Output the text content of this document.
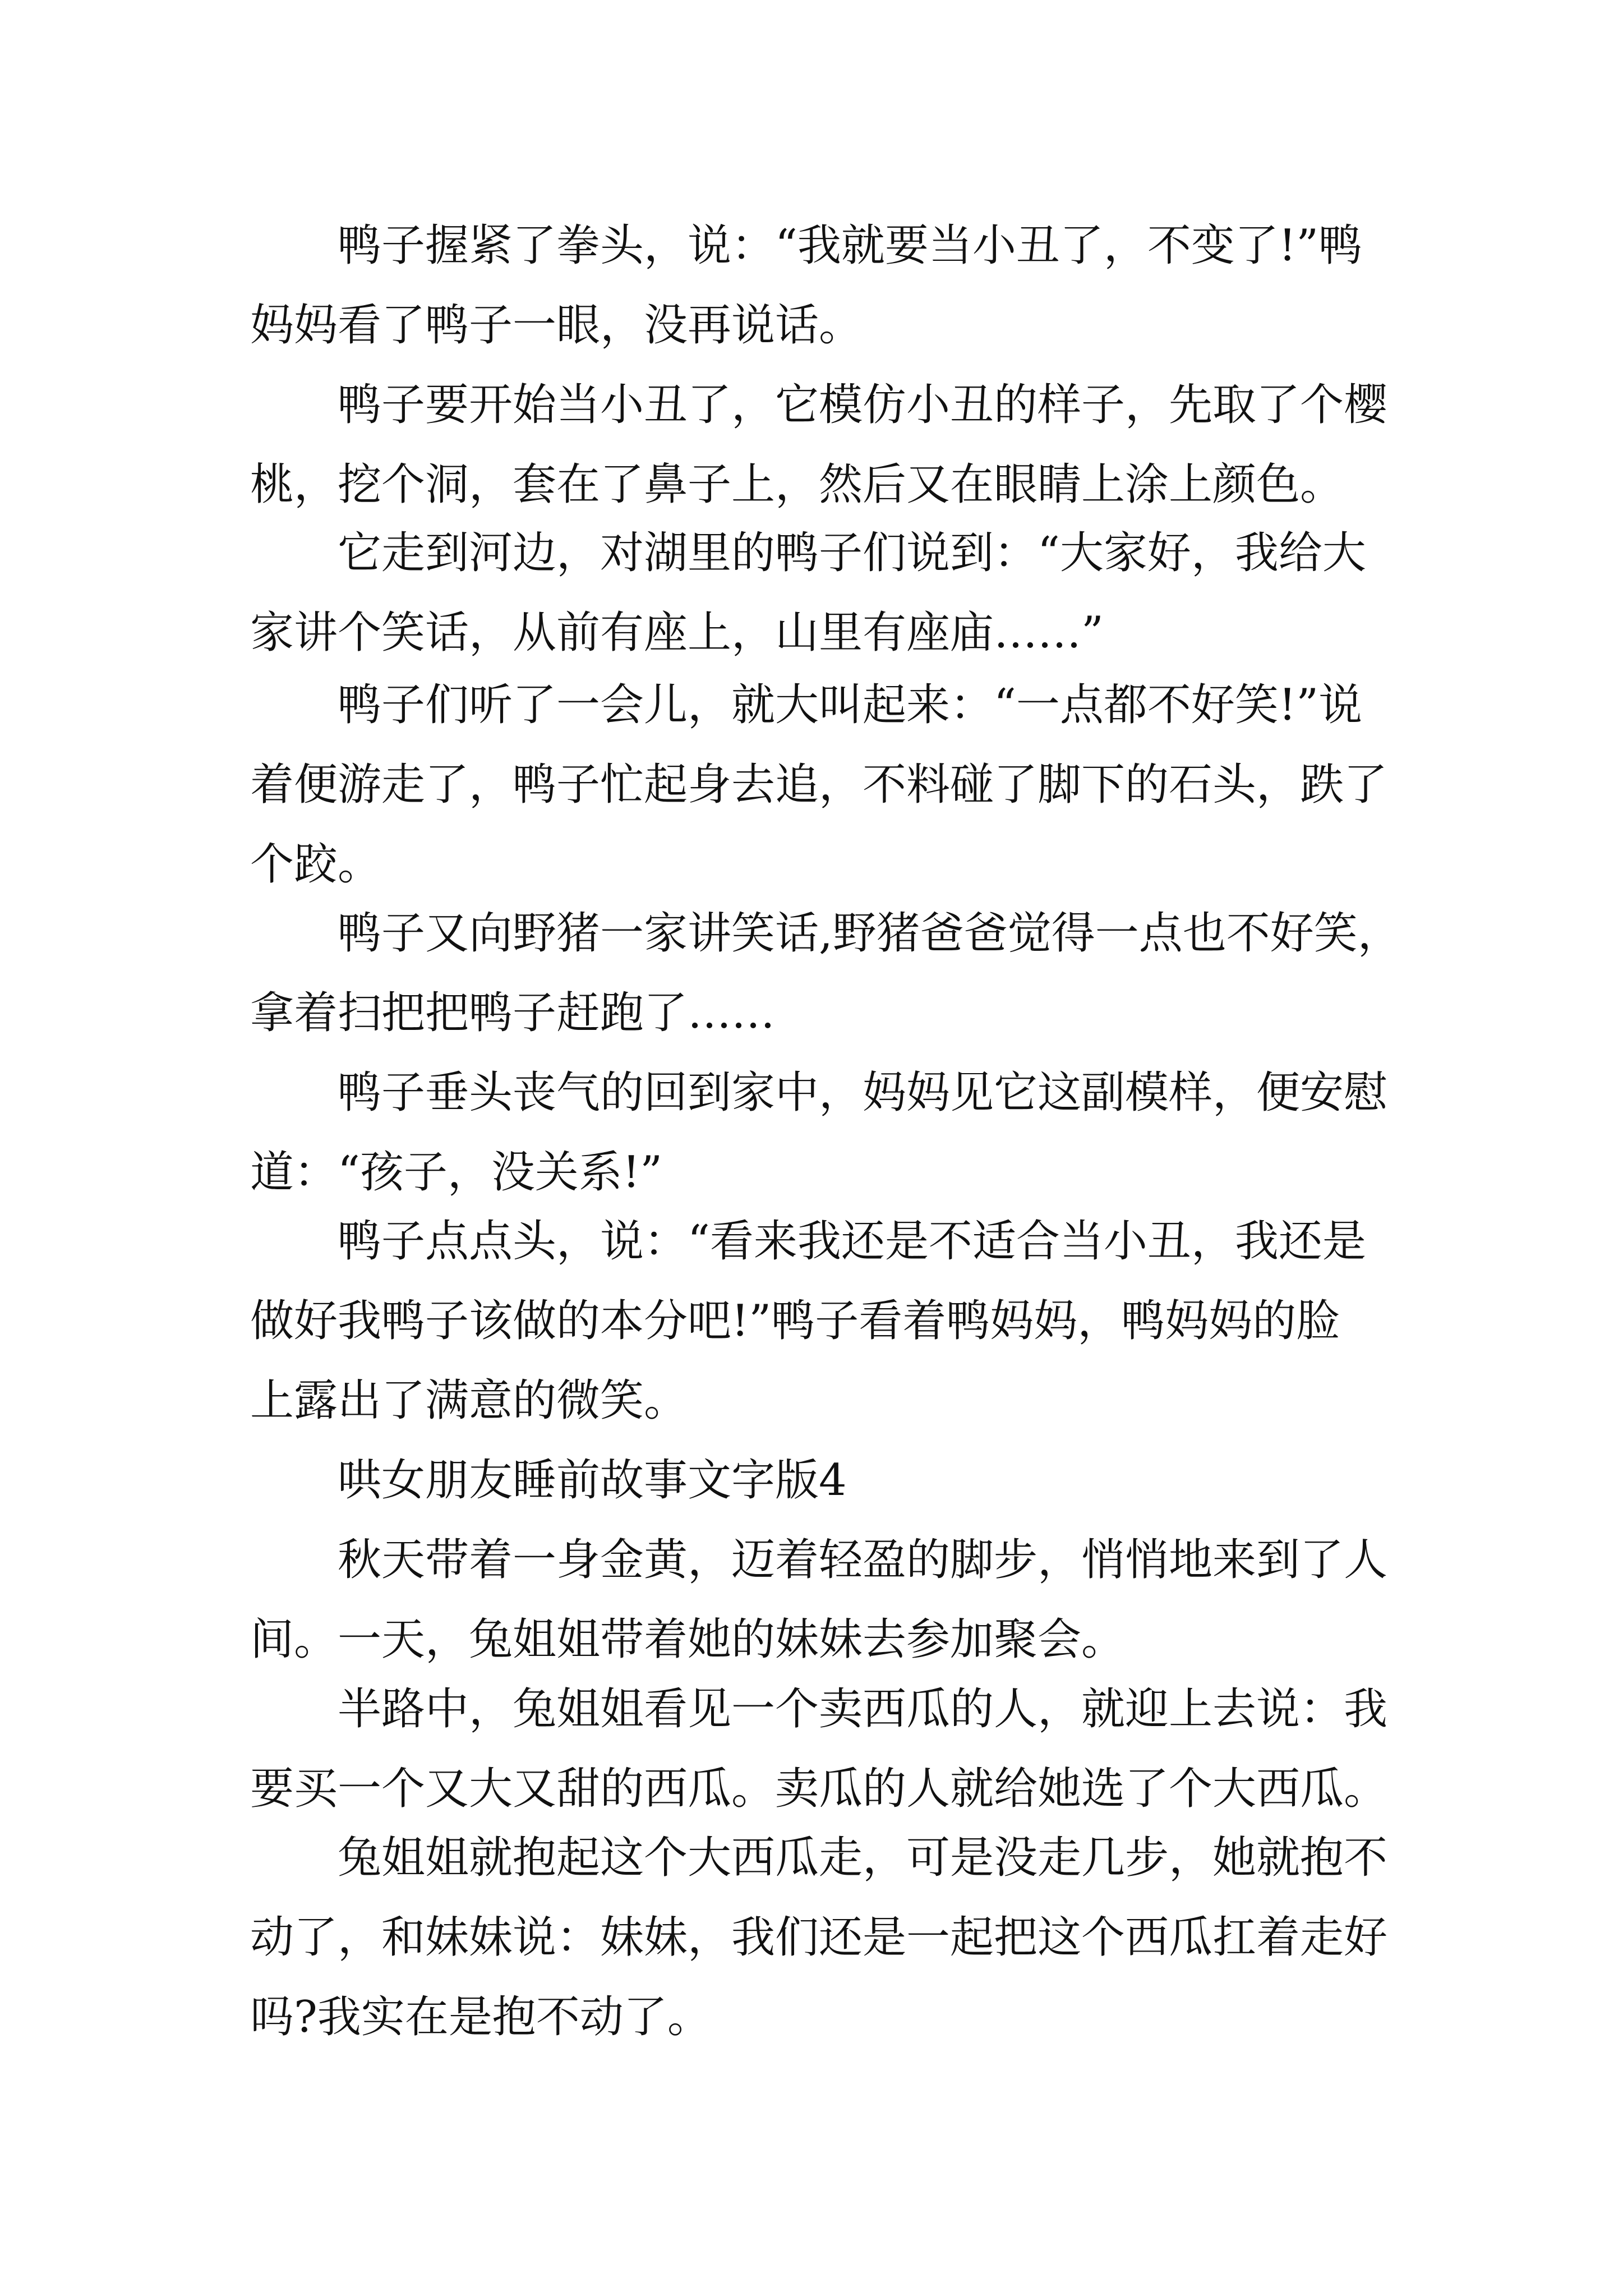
鸭子握紧了拳头，说：“我就要当小丑了，不变了!”鸭
妈妈看了鸭子一眼，没再说话。
鸭子要开始当小丑了，它模仿小丑的样子，先取了个樱
桃，挖个洞，套在了鼻子上，然后又在眼睛上涂上颜色。
它走到河边，对湖里的鸭子们说到：“大家好，我给大
家讲个笑话，从前有座上，山里有座庙……”
鸭子们听了一会儿，就大叫起来：“一点都不好笑!”说
着便游走了，鸭子忙起身去追，不料碰了脚下的石头，跌了
个跤。
鸭子又向野猪一家讲笑话,野猪爸爸觉得一点也不好笑，
拿着扫把把鸭子赶跑了……
鸭子垂头丧气的回到家中，妈妈见它这副模样，便安慰
道：“孩子，没关系!”
鸭子点点头，说：“看来我还是不适合当小丑，我还是
做好我鸭子该做的本分吧!”鸭子看着鸭妈妈，鸭妈妈的脸
上露出了满意的微笑。
哄女朋友睡前故事文字版4
秋天带着一身金黄，迈着轻盈的脚步，悄悄地来到了人
间。一天，兔姐姐带着她的妹妹去参加聚会。
半路中，兔姐姐看见一个卖西瓜的人，就迎上去说：我
要买一个又大又甜的西瓜。卖瓜的人就给她选了个大西瓜。
兔姐姐就抱起这个大西瓜走，可是没走几步，她就抱不
动了，和妹妹说：妹妹，我们还是一起把这个西瓜扛着走好
吗?我实在是抱不动了。
